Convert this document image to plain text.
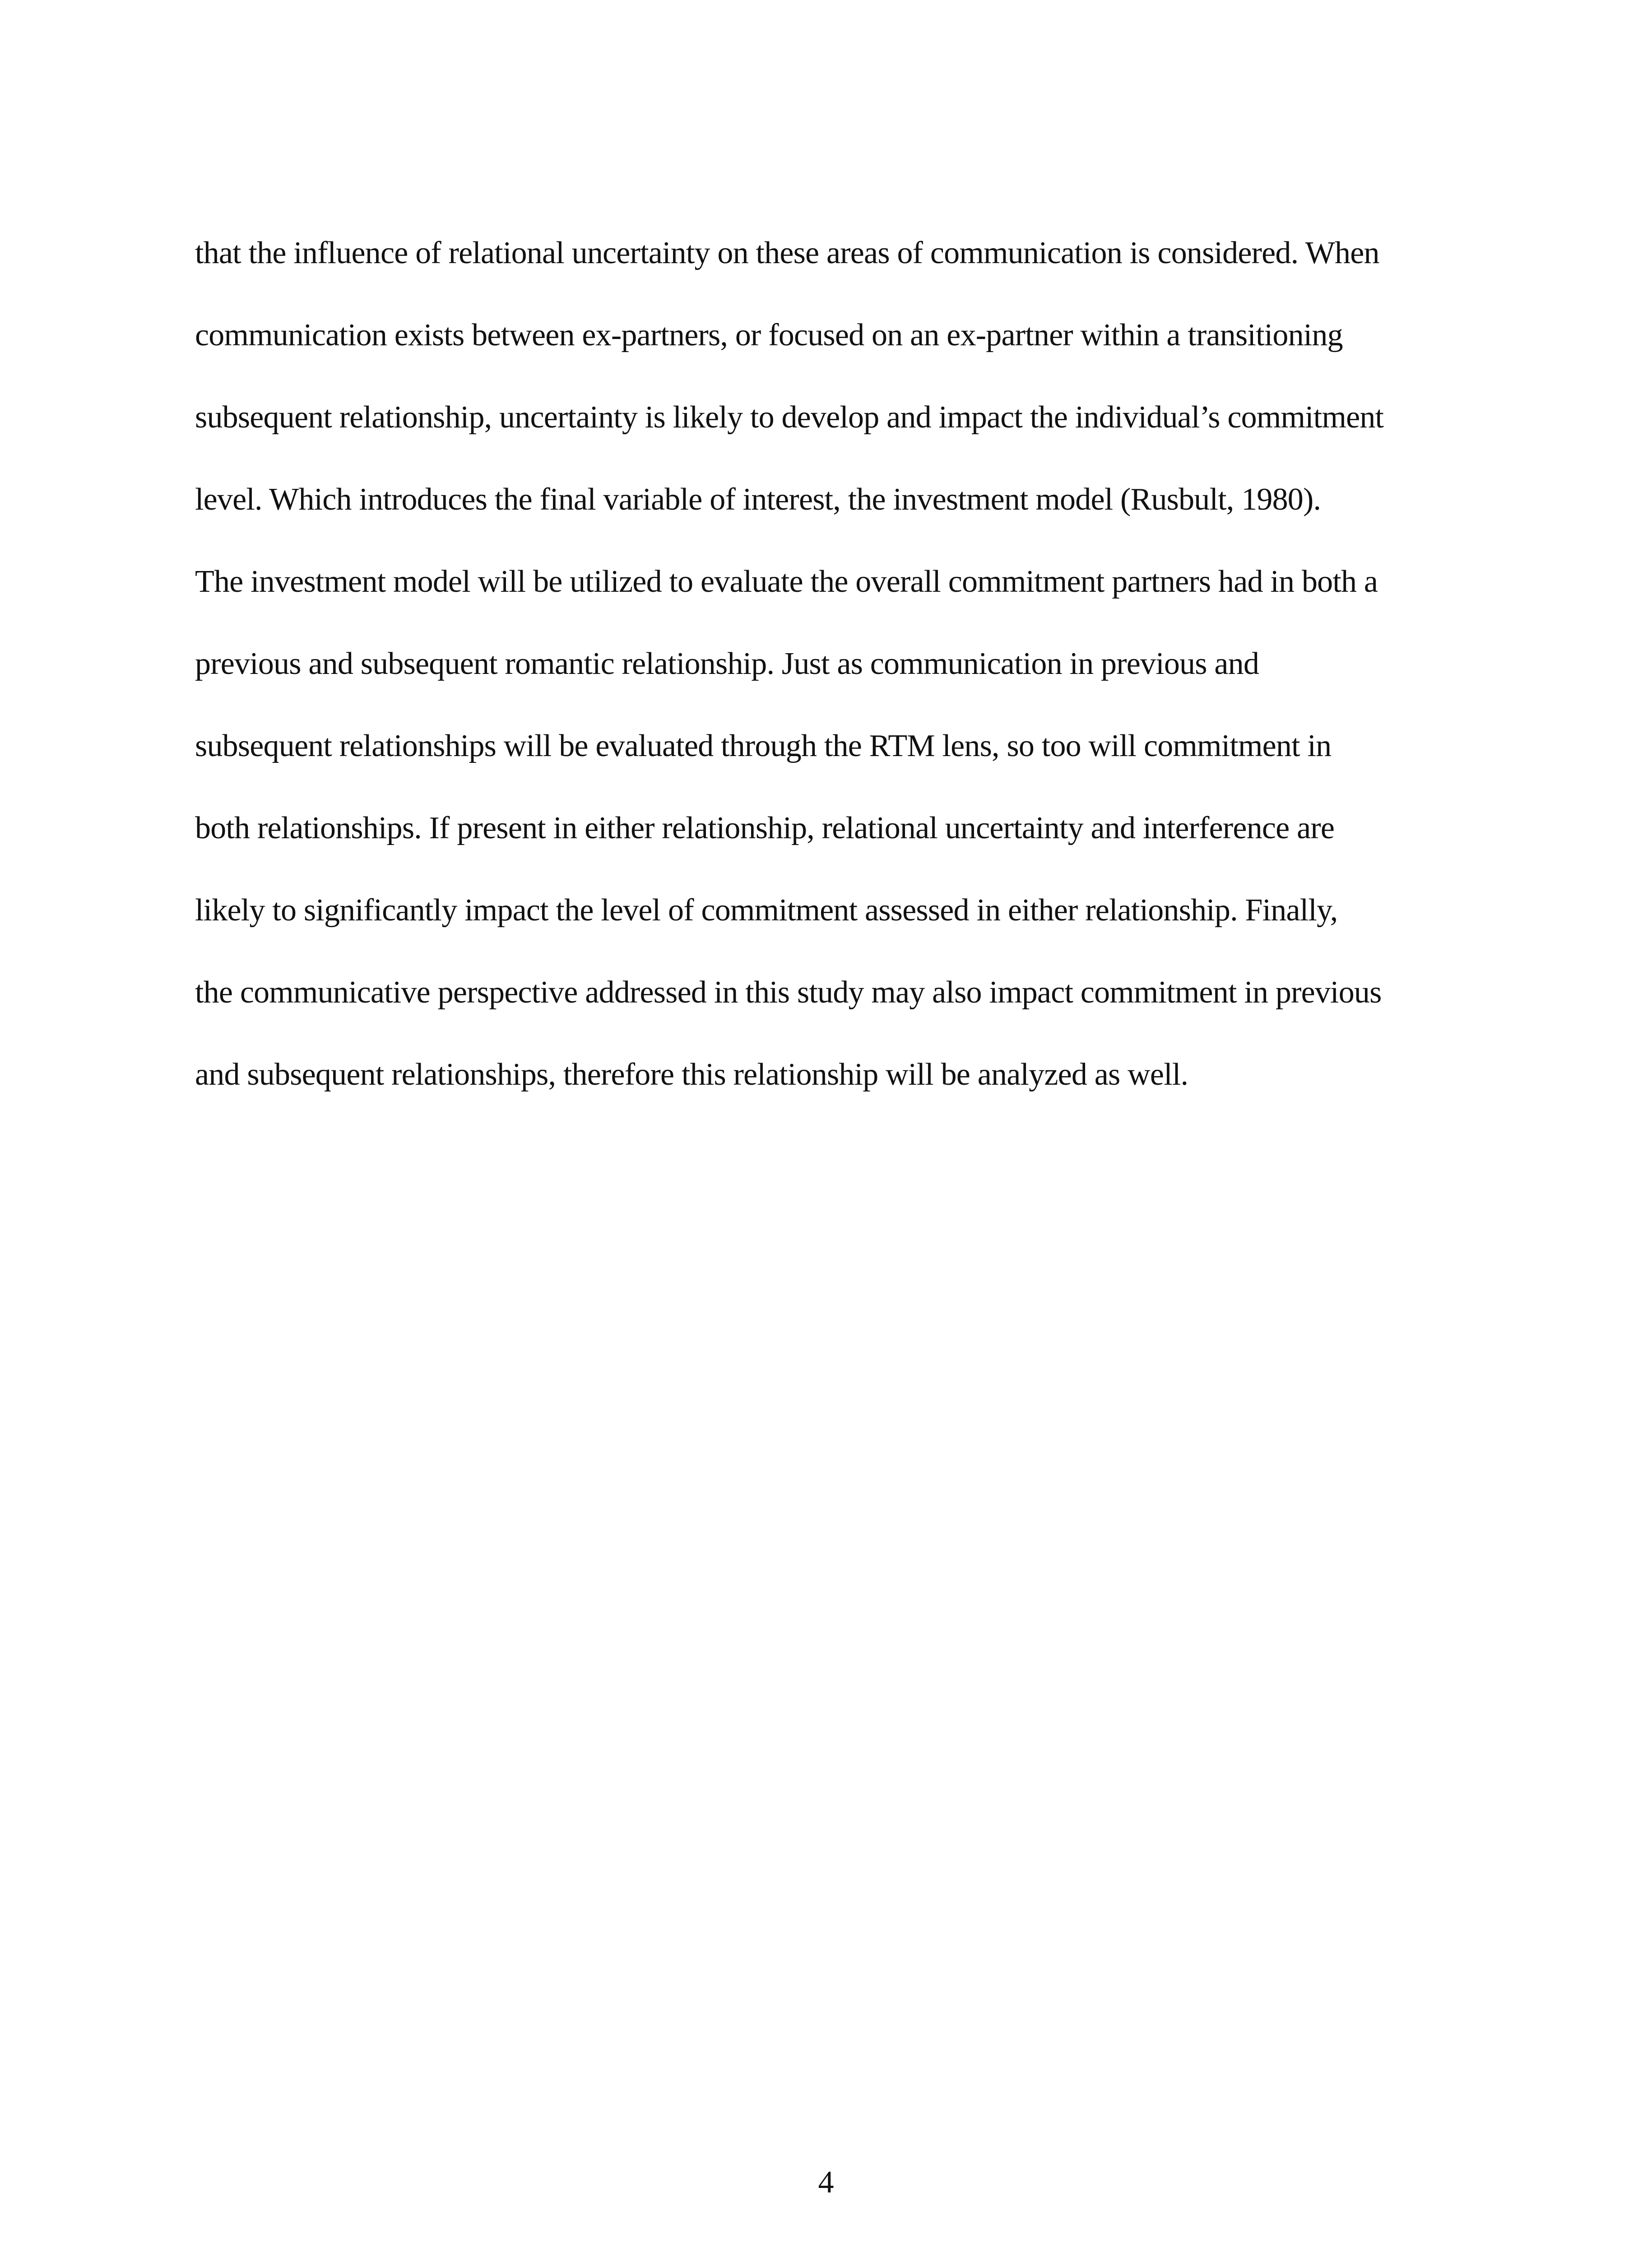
that the influence of relational uncertainty on these areas of communication is considered. When
communication exists between ex-partners, or focused on an ex-partner within a transitioning
subsequent relationship, uncertainty is likely to develop and impact the individual’s commitment
level. Which introduces the final variable of interest, the investment model (Rusbult, 1980).
The investment model will be utilized to evaluate the overall commitment partners had in both a
previous and subsequent romantic relationship. Just as communication in previous and
subsequent relationships will be evaluated through the RTM lens, so too will commitment in
both relationships. If present in either relationship, relational uncertainty and interference are
likely to significantly impact the level of commitment assessed in either relationship. Finally,
the communicative perspective addressed in this study may also impact commitment in previous
and subsequent relationships, therefore this relationship will be analyzed as well.
4
